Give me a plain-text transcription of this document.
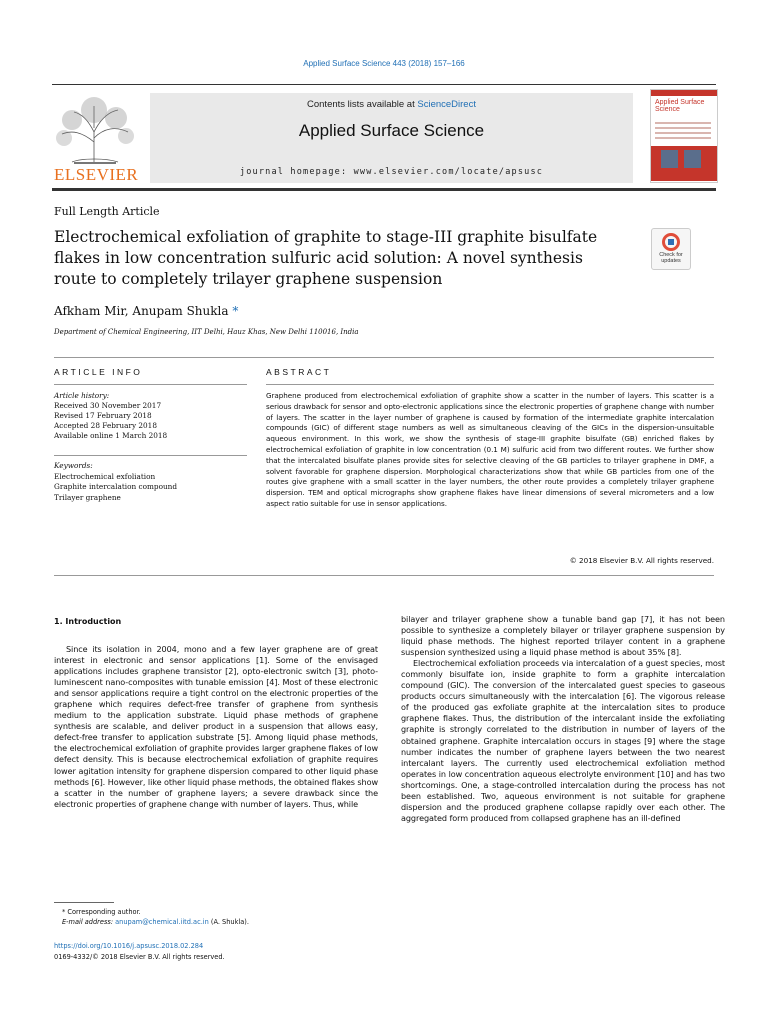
Applied Surface Science 443 (2018) 157–166
ELSEVIER
Contents lists available at ScienceDirect
Applied Surface Science
journal homepage: www.elsevier.com/locate/apsusc
Applied Surface Science
Full Length Article
Electrochemical exfoliation of graphite to stage-III graphite bisulfate flakes in low concentration sulfuric acid solution: A novel synthesis route to completely trilayer graphene suspension
Check for updates
Afkham Mir, Anupam Shukla *
Department of Chemical Engineering, IIT Delhi, Hauz Khas, New Delhi 110016, India
ARTICLE INFO	ABSTRACT
Article history:
Received 30 November 2017
Revised 17 February 2018
Accepted 28 February 2018
Available online 1 March 2018
Keywords:
Electrochemical exfoliation
Graphite intercalation compound
Trilayer graphene
Graphene produced from electrochemical exfoliation of graphite show a scatter in the number of layers. This scatter is a serious drawback for sensor and opto-electronic applications since the electronic properties of graphene change with number of layers. The scatter in the layer number of graphene is caused by formation of the intermediate graphite intercalation compounds (GIC) of different stage numbers as well as simultaneous cleaving of the GICs in the dispersion-unsuitable aqueous environment. In this work, we show the synthesis of stage-III graphite bisulfate (GB) enriched flakes by electrochemical exfoliation of graphite in low concentration (0.1 M) sulfuric acid from two different routes. We further show that the intercalated bisulfate planes provide sites for selective cleaving of the GB particles to trilayer graphene in DMF, a solvent favorable for graphene dispersion. Morphological characterizations show that while GB particles from one of the routes give graphene with a small scatter in the layer numbers, the other route provides a completely trilayer graphene dispersion. TEM and optical micrographs show graphene flakes have linear dimensions of several micrometers and a low aspect ratio suitable for use in sensor applications.
© 2018 Elsevier B.V. All rights reserved.
1. Introduction

Since its isolation in 2004, mono and a few layer graphene are of great interest in electronic and sensor applications [1]. Some of the envisaged applications includes graphene transistor [2], opto-electronic switch [3], photo-luminescent nano-composites with tunable emission [4]. Most of these electronic and sensor applications require a tight control on the electronic properties of the graphene which requires defect-free transfer of graphene from synthesis medium to the application substrate. Liquid phase methods of graphene synthesis are scalable, and deliver product in a suspension that allows easy, defect-free transfer to application substrate [5]. Among liquid phase methods, the electrochemical exfoliation of graphite provides larger graphene flakes of low defect density. This is because electrochemical exfoliation of graphite requires lower agitation intensity for graphene dispersion compared to other liquid phase methods [6]. However, like other liquid phase methods, the obtained flakes show a scatter in the number of graphene layers; a severe drawback since the electronic properties of graphene change with number of layers. Thus, while

bilayer and trilayer graphene show a tunable band gap [7], it has not been possible to synthesize a completely bilayer or trilayer graphene suspension by liquid phase methods. The highest reported trilayer content in a graphene suspension synthesized using a liquid phase method is about 35% [8].

Electrochemical exfoliation proceeds via intercalation of a guest species, most commonly bisulfate ion, inside graphite to form a graphite intercalation compound (GIC). The conversion of the intercalated guest species to gaseous products occurs simultaneously with the intercalation [6]. The vigorous release of the produced gas exfoliate graphite at the intercalation sites to produce graphene flakes. Thus, the distribution of the intercalant inside the exfoliating graphite is strongly correlated to the distribution in number of layers of the obtained graphene. Graphite intercalation occurs in stages [9] where the stage number indicates the number of graphene layers between the two nearest intercalant layers. The currently used electrochemical exfoliation method operates in low concentration aqueous electrolyte environment [10] and has two shortcomings. One, a stage-controlled intercalation during the process has not been established. Two, aqueous environment is not suitable for graphene dispersion and the produced graphene collapse rapidly over each other. The aggregated form produced from collapsed graphene has an ill-defined

* Corresponding author.
E-mail address: anupam@chemical.iitd.ac.in (A. Shukla).
https://doi.org/10.1016/j.apsusc.2018.02.284
0169-4332/© 2018 Elsevier B.V. All rights reserved.
